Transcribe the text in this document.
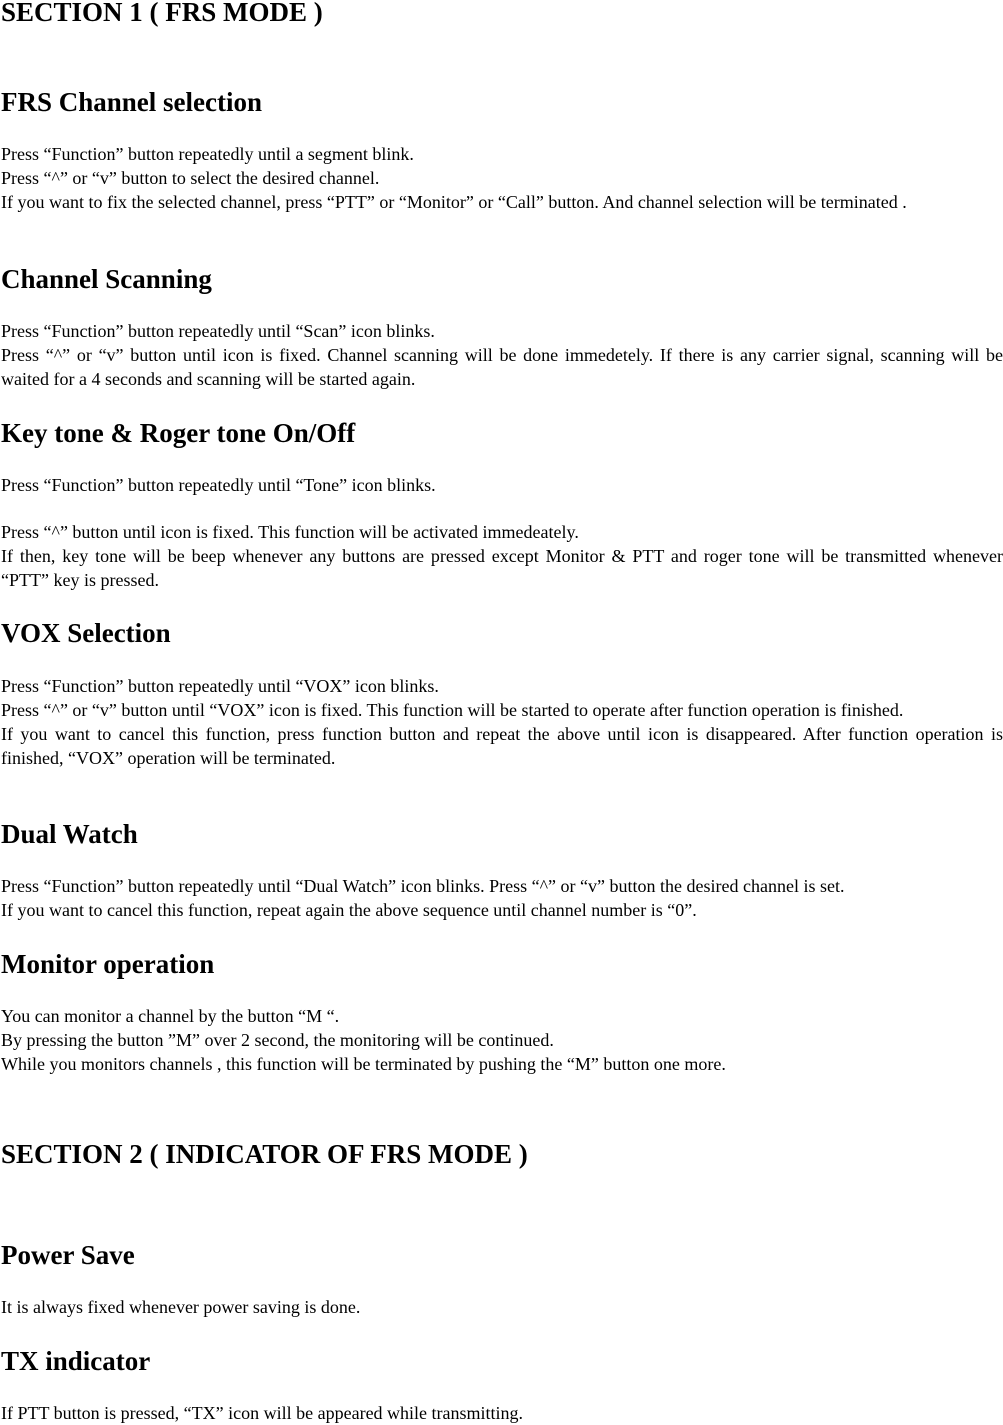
SECTION 1 ( FRS MODE )
FRS Channel selection
Press “Function” button repeatedly until a segment blink.
Press “^” or “v” button to select the desired channel.
If you want to fix the selected channel, press “PTT” or “Monitor” or “Call” button. And channel selection will be terminated .
Channel Scanning
Press “Function” button repeatedly until “Scan” icon blinks.
Press “^” or “v” button until icon is fixed. Channel scanning will be done immedetely. If there is any carrier signal, scanning will be waited for a 4 seconds and scanning will be started again.
Key tone & Roger tone On/Off
Press “Function” button repeatedly until “Tone” icon blinks.
Press “^” button until icon is fixed. This function will be activated immedeately.
If then, key tone will be beep whenever any buttons are pressed except Monitor & PTT and roger tone will be transmitted whenever “PTT” key is pressed.
VOX Selection
Press “Function” button repeatedly until “VOX” icon blinks.
Press “^” or “v” button until “VOX” icon is fixed. This function will be started to operate after function operation is finished.
If you want to cancel this function, press function button and repeat the above until icon is disappeared. After function operation is finished, “VOX” operation will be terminated.
Dual Watch
Press “Function” button repeatedly until “Dual Watch” icon blinks. Press “^” or “v” button the desired channel is set.
If you want to cancel this function, repeat again the above sequence until channel number is “0”.
Monitor operation
You can monitor a channel by the button “M “.
By pressing the button ”M” over 2 second, the monitoring will be continued.
While you monitors channels , this function will be terminated by pushing the “M” button one more.
SECTION 2 ( INDICATOR OF FRS MODE )
Power Save
It is always fixed whenever power saving is done.
TX indicator
If PTT button is pressed, “TX” icon will be appeared while transmitting.
